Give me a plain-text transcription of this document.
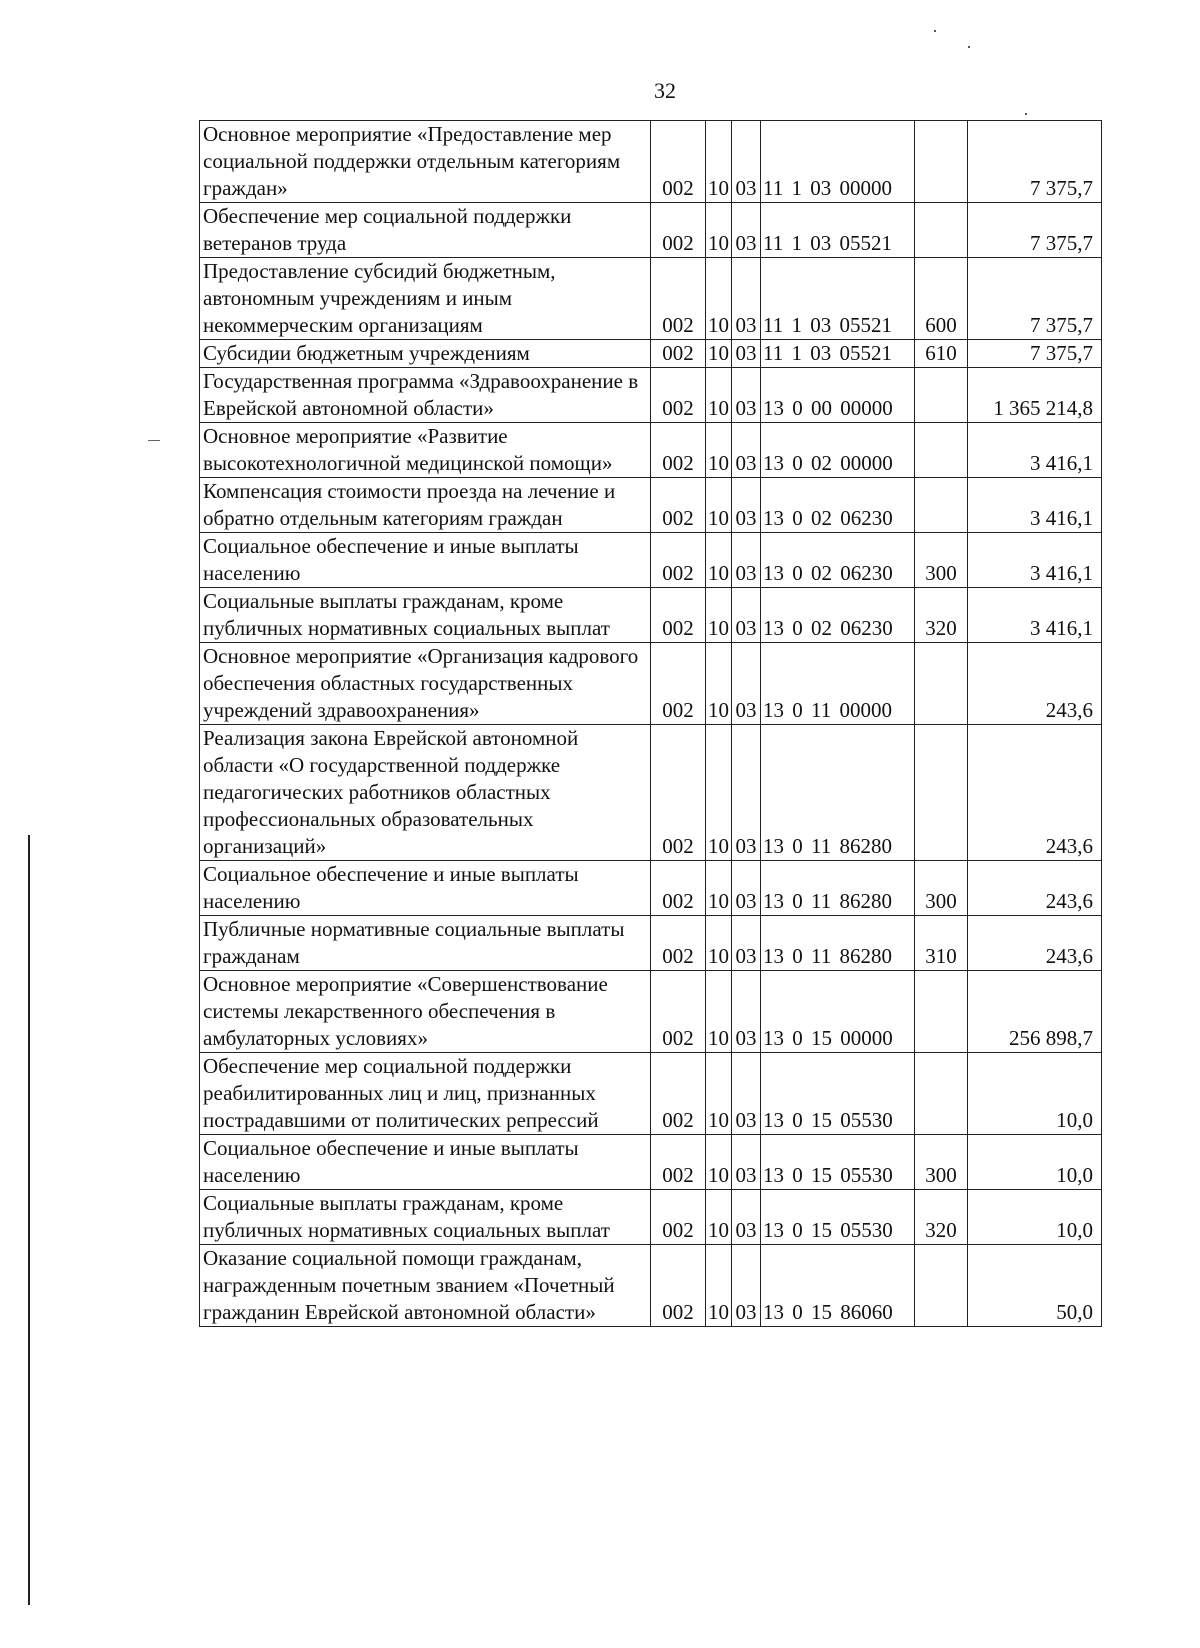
32
Основное мероприятие «Предоставление мер социальной поддержки отдельным категориям граждан»	002	10	03	11 1 03 00000		7 375,7
Обеспечение мер социальной поддержки ветеранов труда	002	10	03	11 1 03 05521		7 375,7
Предоставление субсидий бюджетным, автономным учреждениям и иным некоммерческим организациям	002	10	03	11 1 03 05521	600	7 375,7
Субсидии бюджетным учреждениям	002	10	03	11 1 03 05521	610	7 375,7
Государственная программа «Здравоохранение в Еврейской автономной области»	002	10	03	13 0 00 00000		1 365 214,8
Основное мероприятие «Развитие высокотехнологичной медицинской помощи»	002	10	03	13 0 02 00000		3 416,1
Компенсация стоимости проезда на лечение и обратно отдельным категориям граждан	002	10	03	13 0 02 06230		3 416,1
Социальное обеспечение и иные выплаты населению	002	10	03	13 0 02 06230	300	3 416,1
Социальные выплаты гражданам, кроме публичных нормативных социальных выплат	002	10	03	13 0 02 06230	320	3 416,1
Основное мероприятие «Организация кадрового обеспечения областных государственных учреждений здравоохранения»	002	10	03	13 0 11 00000		243,6
Реализация закона Еврейской автономной области «О государственной поддержке педагогических работников областных профессиональных образовательных организаций»	002	10	03	13 0 11 86280		243,6
Социальное обеспечение и иные выплаты населению	002	10	03	13 0 11 86280	300	243,6
Публичные нормативные социальные выплаты гражданам	002	10	03	13 0 11 86280	310	243,6
Основное мероприятие «Совершенствование системы лекарственного обеспечения в амбулаторных условиях»	002	10	03	13 0 15 00000		256 898,7
Обеспечение мер социальной поддержки реабилитированных лиц и лиц, признанных пострадавшими от политических репрессий	002	10	03	13 0 15 05530		10,0
Социальное обеспечение и иные выплаты населению	002	10	03	13 0 15 05530	300	10,0
Социальные выплаты гражданам, кроме публичных нормативных социальных выплат	002	10	03	13 0 15 05530	320	10,0
Оказание социальной помощи гражданам, награжденным почетным званием «Почетный гражданин Еврейской автономной области»	002	10	03	13 0 15 86060		50,0
